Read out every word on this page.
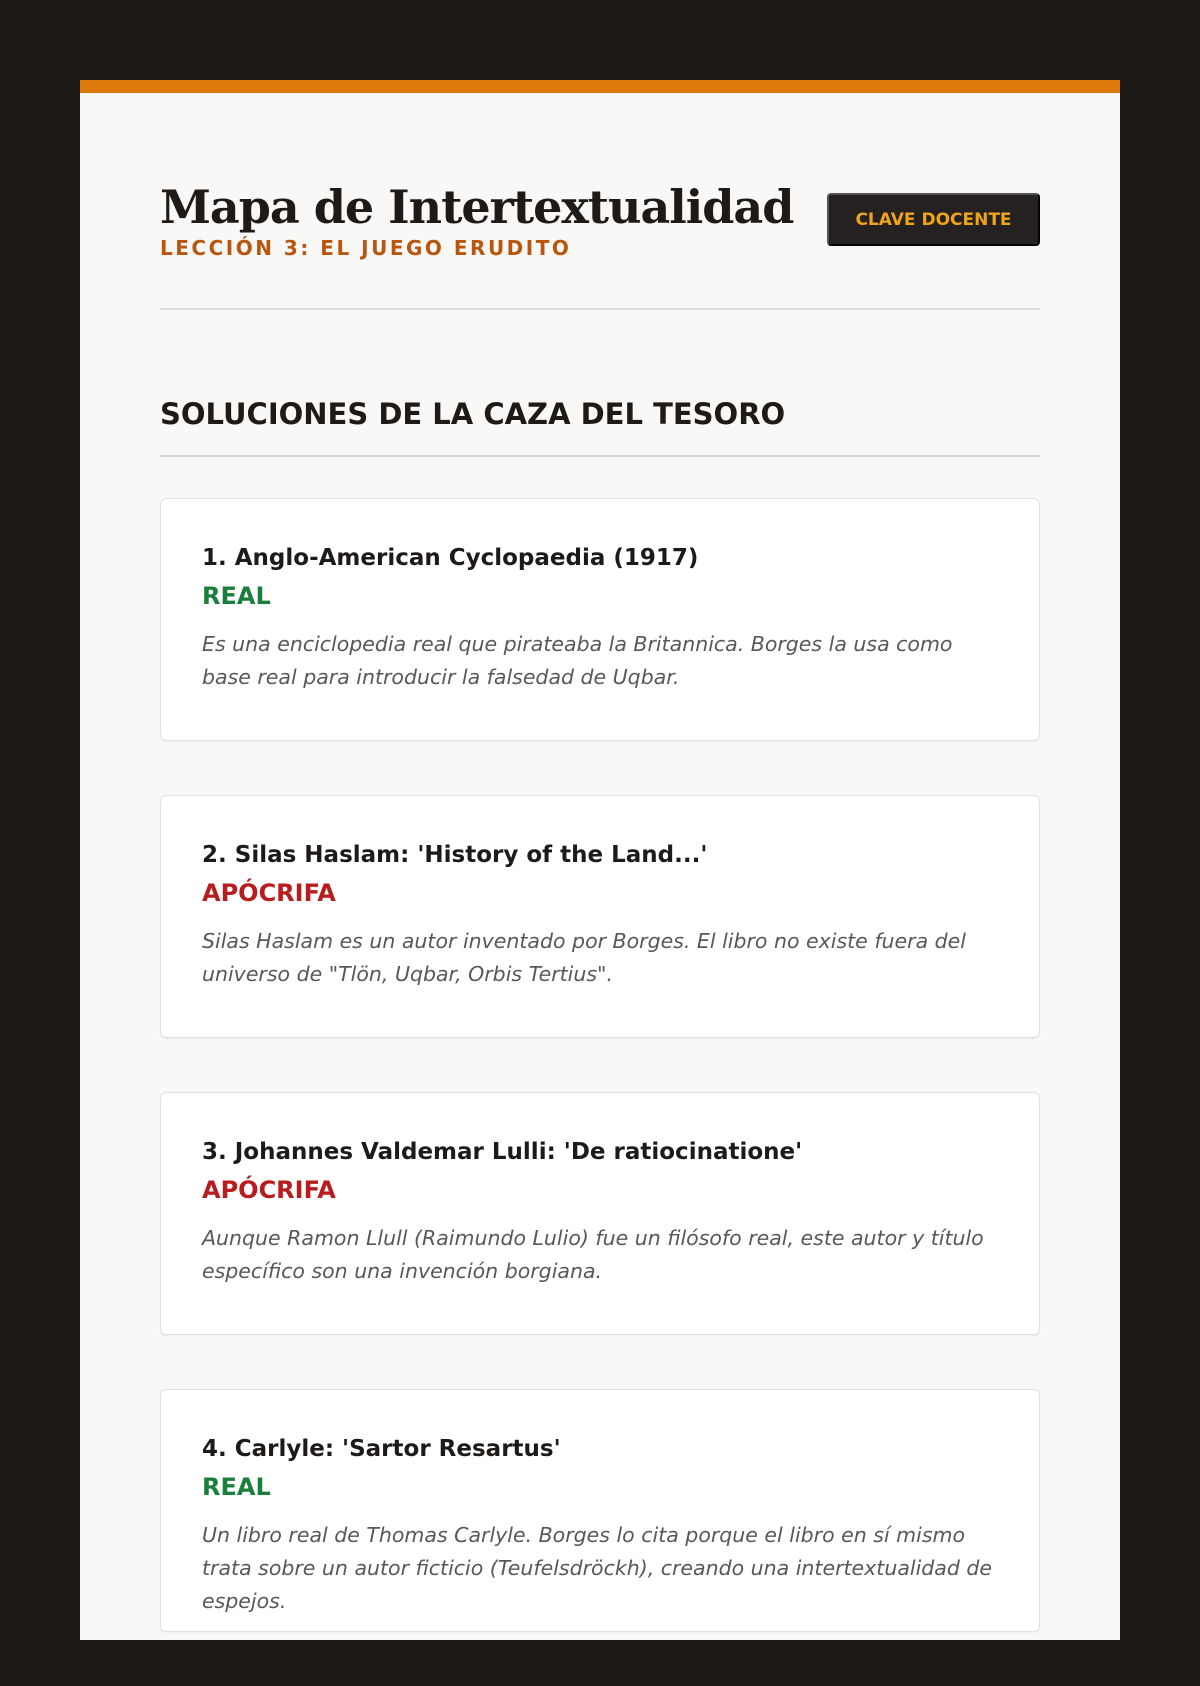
Mapa de Intertextualidad
LECCIÓN 3: EL JUEGO ERUDITO
CLAVE DOCENTE
SOLUCIONES DE LA CAZA DEL TESORO
1. Anglo-American Cyclopaedia (1917)
REAL
Es una enciclopedia real que pirateaba la Britannica. Borges la usa como base real para introducir la falsedad de Uqbar.
2. Silas Haslam: 'History of the Land...'
APÓCRIFA
Silas Haslam es un autor inventado por Borges. El libro no existe fuera del universo de "Tlön, Uqbar, Orbis Tertius".
3. Johannes Valdemar Lulli: 'De ratiocinatione'
APÓCRIFA
Aunque Ramon Llull (Raimundo Lulio) fue un filósofo real, este autor y título específico son una invención borgiana.
4. Carlyle: 'Sartor Resartus'
REAL
Un libro real de Thomas Carlyle. Borges lo cita porque el libro en sí mismo trata sobre un autor ficticio (Teufelsdröckh), creando una intertextualidad de espejos.
